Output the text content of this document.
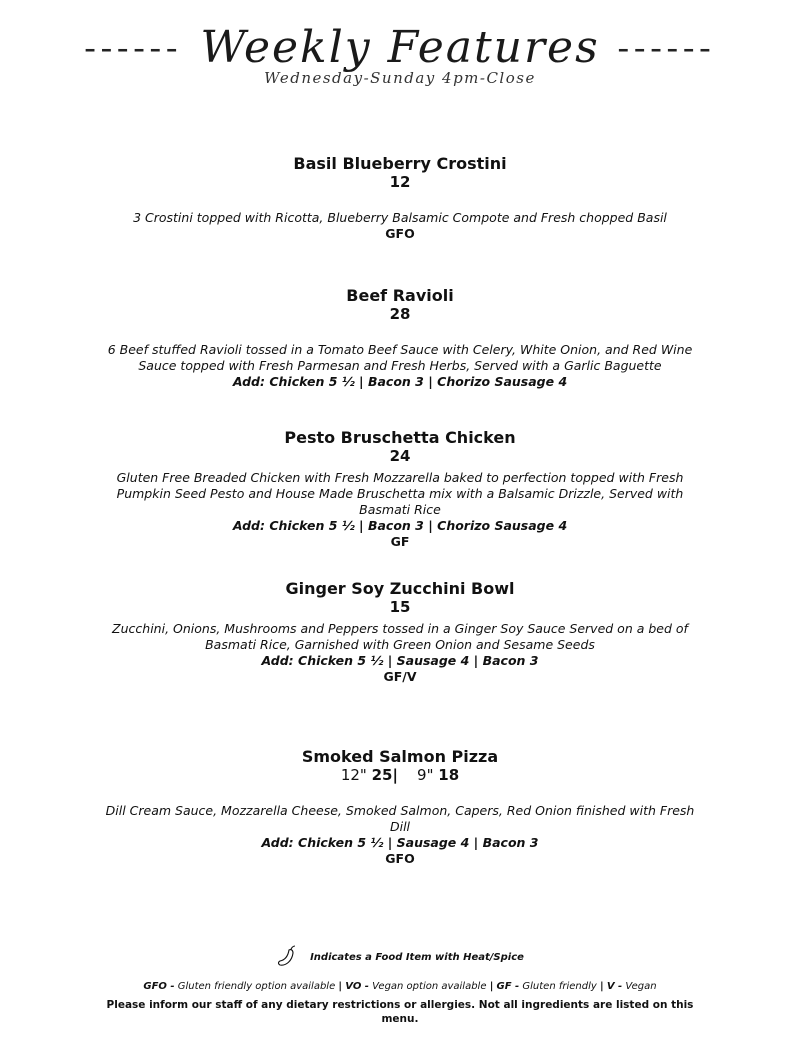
------ Weekly Features ------
Wednesday-Sunday 4pm-Close
Basil Blueberry Crostini
12
3 Crostini topped with Ricotta, Blueberry Balsamic Compote and Fresh chopped Basil
GFO
Beef Ravioli
28
6 Beef stuffed Ravioli tossed in a Tomato Beef Sauce with Celery, White Onion, and Red Wine Sauce topped with Fresh Parmesan and Fresh Herbs, Served with a Garlic Baguette
Add: Chicken 5 ½ | Bacon 3 | Chorizo Sausage 4
Pesto Bruschetta Chicken
24
Gluten Free Breaded Chicken with Fresh Mozzarella baked to perfection topped with Fresh Pumpkin Seed Pesto and House Made Bruschetta mix with a Balsamic Drizzle, Served with Basmati Rice
Add: Chicken 5 ½ | Bacon 3 | Chorizo Sausage 4
GF
Ginger Soy Zucchini Bowl
15
Zucchini, Onions, Mushrooms and Peppers tossed in a Ginger Soy Sauce Served on a bed of Basmati Rice, Garnished with Green Onion and Sesame Seeds
Add: Chicken 5 ½ | Sausage 4 | Bacon 3
GF/V
Smoked Salmon Pizza
12" 25| 9" 18
Dill Cream Sauce, Mozzarella Cheese, Smoked Salmon, Capers, Red Onion finished with Fresh Dill
Add: Chicken 5 ½ | Sausage 4 | Bacon 3
GFO
Indicates a Food Item with Heat/Spice
GFO - Gluten friendly option available | VO - Vegan option available | GF - Gluten friendly | V - Vegan
Please inform our staff of any dietary restrictions or allergies. Not all ingredients are listed on this menu.
